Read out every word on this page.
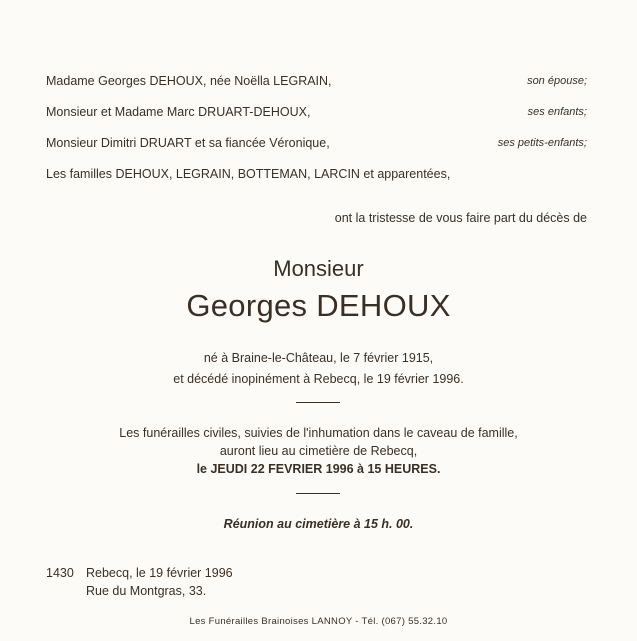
Madame Georges DEHOUX, née Noëlla LEGRAIN,	son épouse;
Monsieur et Madame Marc DRUART-DEHOUX,	ses enfants;
Monsieur Dimitri DRUART et sa fiancée Véronique,	ses petits-enfants;
Les familles DEHOUX, LEGRAIN, BOTTEMAN, LARCIN et apparentées,
ont la tristesse de vous faire part du décès de
Monsieur
Georges DEHOUX
né à Braine-le-Château, le 7 février 1915,
et décédé inopinément à Rebecq, le 19 février 1996.
Les funérailles civiles, suivies de l'inhumation dans le caveau de famille,
auront lieu au cimetière de Rebecq,
le JEUDI 22 FEVRIER 1996 à 15 HEURES.
Réunion au cimetière à 15 h. 00.
1430 Rebecq, le 19 février 1996
Rue du Montgras, 33.
Les Funérailles Brainoises LANNOY - Tél. (067) 55.32.10
